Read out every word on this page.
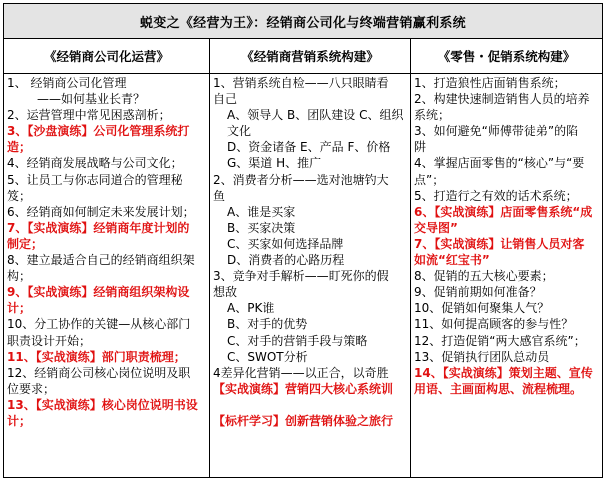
蜕变之《经营为王》：经销商公司化与终端营销赢利系统
《经销商公司化运营》	《经销商营销系统构建》	《零售・促销系统构建》
1、 经销商公司化管理
——如何基业长青？
2、运营管理中常见困惑剖析；
3、【沙盘演练】公司化管理系统打
造；
4、经销商发展战略与公司文化；
5、让员工与你志同道合的管理秘
笈；
6、经销商如何制定未来发展计划；
7、【实战演练】经销商年度计划的
制定；
8、建立最适合自己的经销商组织架
构；
9、【实战演练】经销商组织架构设
计；
10、分工协作的关键—从核心部门
职责设计开始；
11、【实战演练】部门职责梳理；
12、经销商公司核心岗位说明及职
位要求；
13、【实战演练】核心岗位说明书设
计；
1、营销系统自检——八只眼睛看
自己
A、领导人 B、团队建设 C、组织
文化
D、资金诸备 E、产品 F、价格
G、渠道 H、推广
2、消费者分析——选对池塘钓大
鱼
A、谁是买家
B、买家决策
C、买家如何选择品牌
D、消费者的心路历程
3、竞争对手解析——盯死你的假
想敌
A、PK谁
B、对手的优势
C、对手的营销手段与策略
C、SWOT分析
4差异化营销——以正合，以奇胜
【实战演练】营销四大核心系统训

【标杆学习】创新营销体验之旅行
1、打造狼性店面销售系统；
2、构建快速制造销售人员的培养
系统；
3、如何避免“师傅带徒弟”的陷
阱
4、掌握店面零售的“核心”与“要
点”；
5、打造行之有效的话术系统；
6、【实战演练】店面零售系统“成
交导图”
7、【实战演练】让销售人员对客
如流“红宝书”
8、促销的五大核心要素；
9、促销前期如何准备？
10、促销如何聚集人气？
11、如何提高顾客的参与性？
12、打造促销“两大感官系统”；
13、促销执行团队总动员
14、【实战演练】策划主题、宣传
用语、主画面构思、流程梳理。
